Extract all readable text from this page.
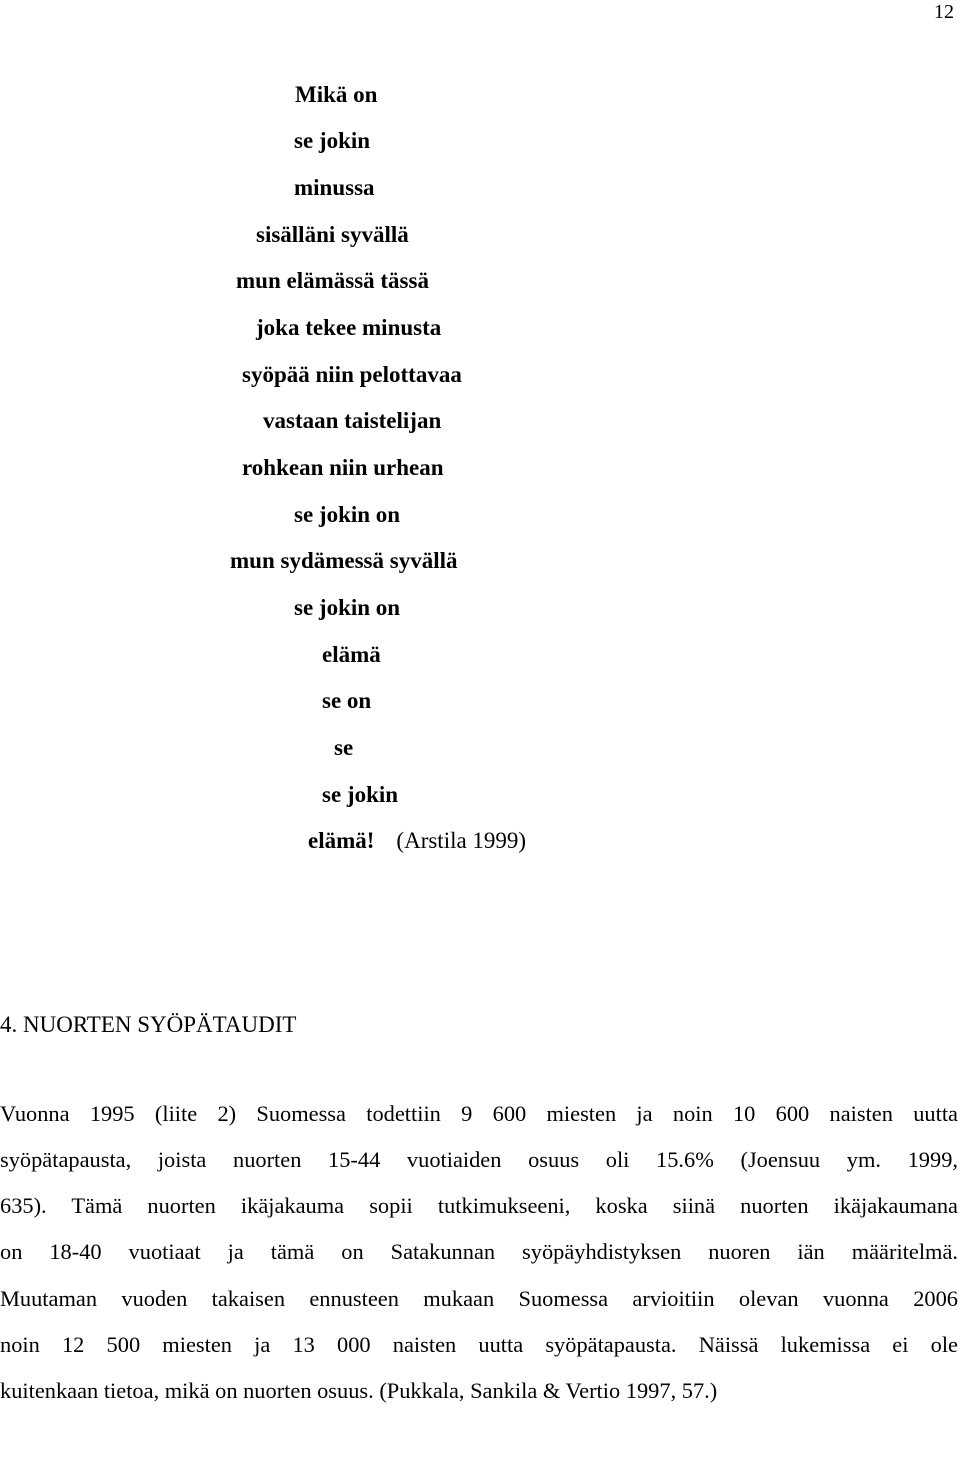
12
Mikä on
se jokin
minussa
sisälläni syvällä
mun elämässä tässä
joka tekee minusta
syöpää niin pelottavaa
vastaan taistelijan
rohkean niin urhean
se jokin on
mun sydämessä syvällä
se jokin on
elämä
se on
se
se jokin
elämä! (Arstila 1999)
4. NUORTEN SYÖPÄTAUDIT
Vuonna 1995 (liite 2) Suomessa todettiin 9 600 miesten ja noin 10 600 naisten uutta
syöpätapausta, joista nuorten 15-44 vuotiaiden osuus oli 15.6% (Joensuu ym. 1999,
635). Tämä nuorten ikäjakauma sopii tutkimukseeni, koska siinä nuorten ikäjakaumana
on 18-40 vuotiaat ja tämä on Satakunnan syöpäyhdistyksen nuoren iän määritelmä.
Muutaman vuoden takaisen ennusteen mukaan Suomessa arvioitiin olevan vuonna 2006
noin 12 500 miesten ja 13 000 naisten uutta syöpätapausta. Näissä lukemissa ei ole
kuitenkaan tietoa, mikä on nuorten osuus. (Pukkala, Sankila & Vertio 1997, 57.)
